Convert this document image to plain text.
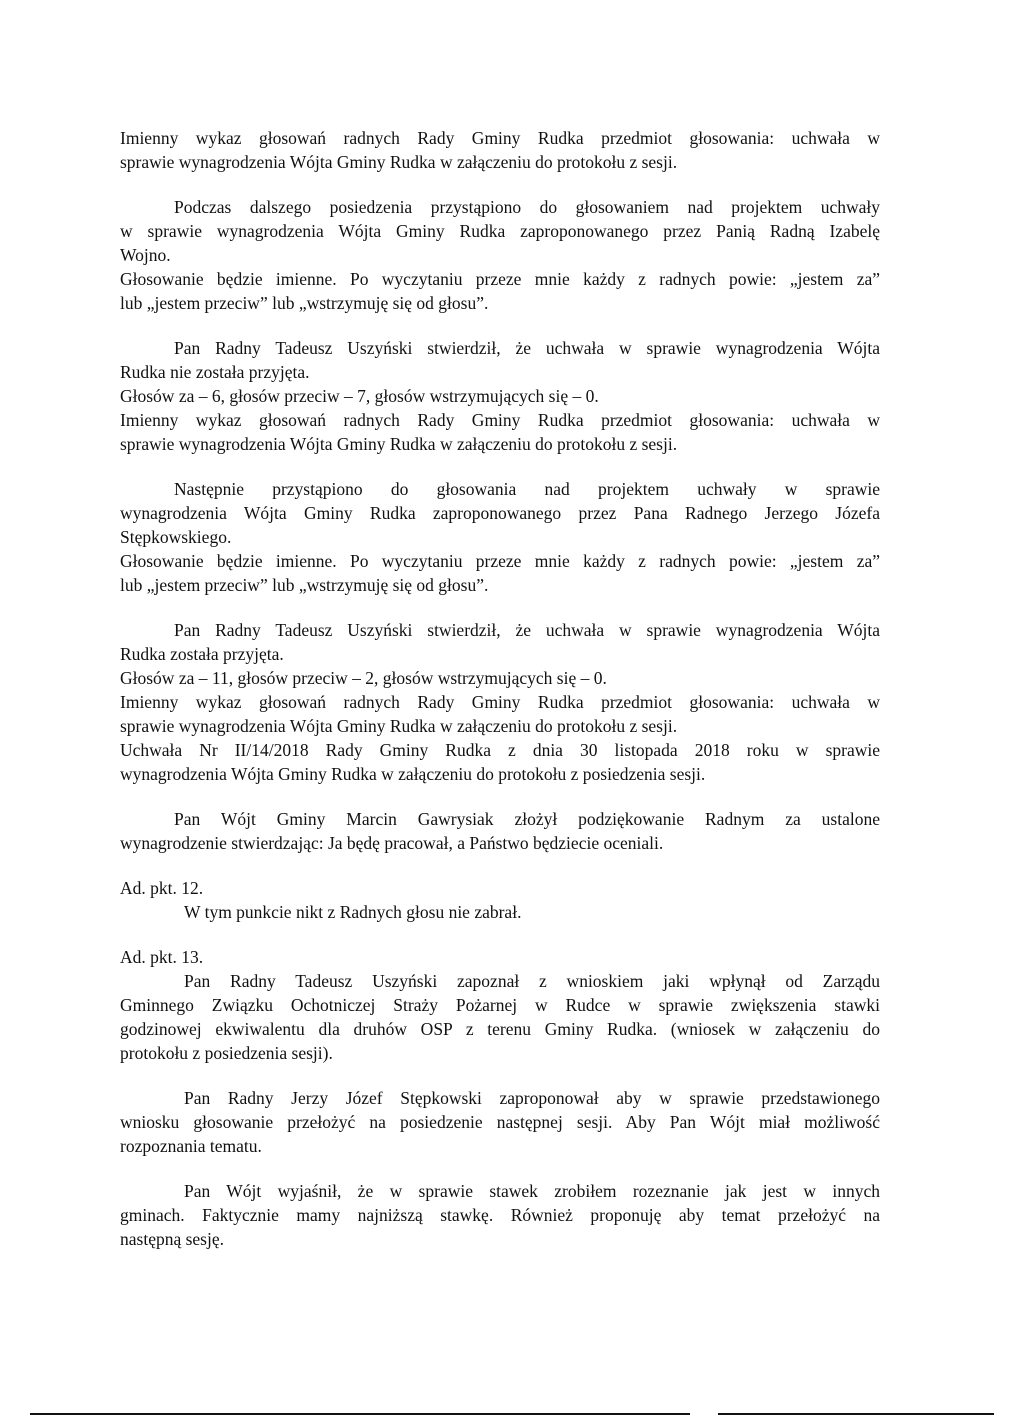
Imienny wykaz głosowań radnych Rady Gminy Rudka przedmiot głosowania: uchwała w
sprawie wynagrodzenia Wójta Gminy Rudka w załączeniu do protokołu z sesji.
Podczas dalszego posiedzenia przystąpiono do głosowaniem nad projektem uchwały
w sprawie wynagrodzenia Wójta Gminy Rudka zaproponowanego przez Panią Radną Izabelę
Wojno.
Głosowanie będzie imienne. Po wyczytaniu przeze mnie każdy z radnych powie: „jestem za”
lub „jestem przeciw” lub „wstrzymuję się od głosu”.
Pan Radny Tadeusz Uszyński stwierdził, że uchwała w sprawie wynagrodzenia Wójta
Rudka nie została przyjęta.
Głosów za – 6, głosów przeciw – 7, głosów wstrzymujących się – 0.
Imienny wykaz głosowań radnych Rady Gminy Rudka przedmiot głosowania: uchwała w
sprawie wynagrodzenia Wójta Gminy Rudka w załączeniu do protokołu z sesji.
Następnie przystąpiono do głosowania nad projektem uchwały w sprawie
wynagrodzenia Wójta Gminy Rudka zaproponowanego przez Pana Radnego Jerzego Józefa
Stępkowskiego.
Głosowanie będzie imienne. Po wyczytaniu przeze mnie każdy z radnych powie: „jestem za”
lub „jestem przeciw” lub „wstrzymuję się od głosu”.
Pan Radny Tadeusz Uszyński stwierdził, że uchwała w sprawie wynagrodzenia Wójta
Rudka została przyjęta.
Głosów za – 11, głosów przeciw – 2, głosów wstrzymujących się – 0.
Imienny wykaz głosowań radnych Rady Gminy Rudka przedmiot głosowania: uchwała w
sprawie wynagrodzenia Wójta Gminy Rudka w załączeniu do protokołu z sesji.
Uchwała Nr II/14/2018 Rady Gminy Rudka z dnia 30 listopada 2018 roku w sprawie
wynagrodzenia Wójta Gminy Rudka w załączeniu do protokołu z posiedzenia sesji.
Pan Wójt Gminy Marcin Gawrysiak złożył podziękowanie Radnym za ustalone
wynagrodzenie stwierdzając: Ja będę pracował, a Państwo będziecie oceniali.
Ad. pkt. 12.
W tym punkcie nikt z Radnych głosu nie zabrał.
Ad. pkt. 13.
Pan Radny Tadeusz Uszyński zapoznał z wnioskiem jaki wpłynął od Zarządu
Gminnego Związku Ochotniczej Straży Pożarnej w Rudce w sprawie zwiększenia stawki
godzinowej ekwiwalentu dla druhów OSP z terenu Gminy Rudka. (wniosek w załączeniu do
protokołu z posiedzenia sesji).
Pan Radny Jerzy Józef Stępkowski zaproponował aby w sprawie przedstawionego
wniosku głosowanie przełożyć na posiedzenie następnej sesji. Aby Pan Wójt miał możliwość
rozpoznania tematu.
Pan Wójt wyjaśnił, że w sprawie stawek zrobiłem rozeznanie jak jest w innych
gminach. Faktycznie mamy najniższą stawkę. Również proponuję aby temat przełożyć na
następną sesję.
